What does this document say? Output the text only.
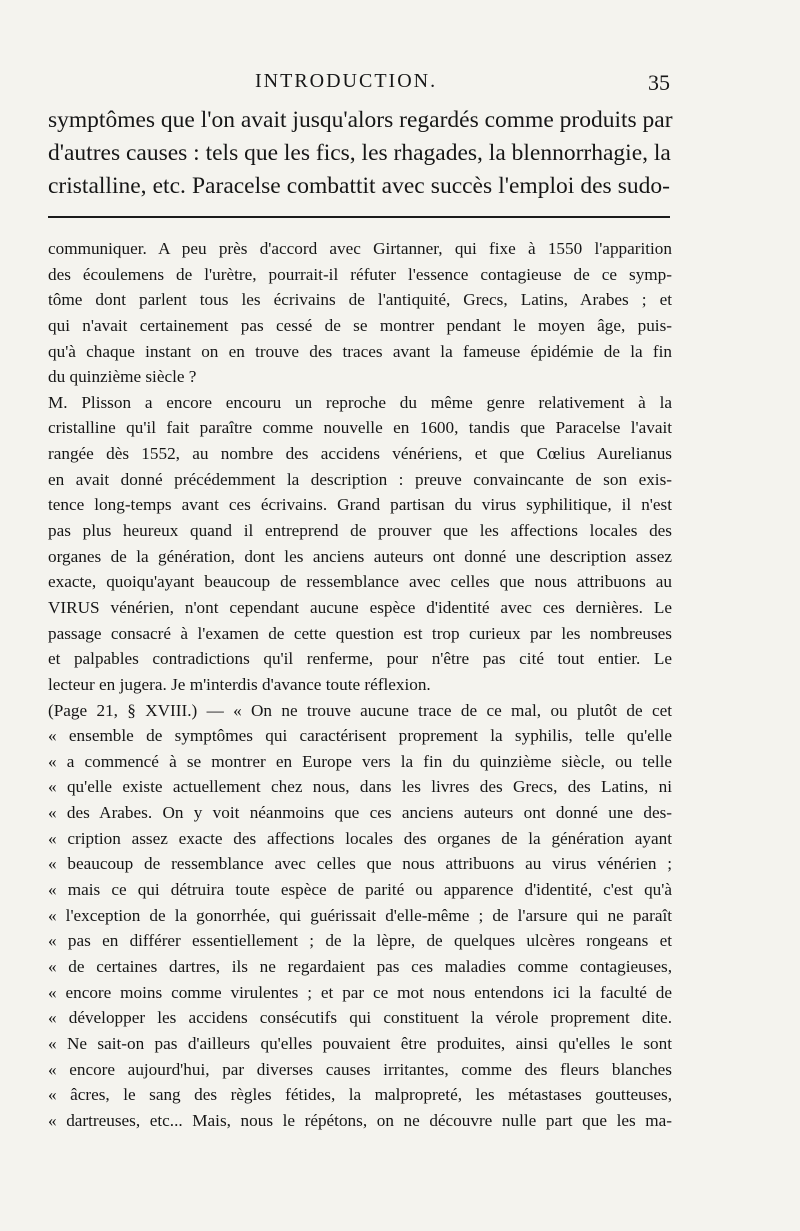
INTRODUCTION.	35
symptômes que l'on avait jusqu'alors regardés comme produits par
d'autres causes : tels que les fics, les rhagades, la blennorrhagie, la
cristalline, etc. Paracelse combattit avec succès l'emploi des sudo-
communiquer. A peu près d'accord avec Girtanner, qui fixe à 1550 l'apparition
des écoulemens de l'urètre, pourrait-il réfuter l'essence contagieuse de ce symp-
tôme dont parlent tous les écrivains de l'antiquité, Grecs, Latins, Arabes ; et
qui n'avait certainement pas cessé de se montrer pendant le moyen âge, puis-
qu'à chaque instant on en trouve des traces avant la fameuse épidémie de la fin
du quinzième siècle ?
M. Plisson a encore encouru un reproche du même genre relativement à la
cristalline qu'il fait paraître comme nouvelle en 1600, tandis que Paracelse l'avait
rangée dès 1552, au nombre des accidens vénériens, et que Cœlius Aurelianus
en avait donné précédemment la description : preuve convaincante de son exis-
tence long-temps avant ces écrivains. Grand partisan du virus syphilitique, il n'est
pas plus heureux quand il entreprend de prouver que les affections locales des
organes de la génération, dont les anciens auteurs ont donné une description assez
exacte, quoiqu'ayant beaucoup de ressemblance avec celles que nous attribuons au
VIRUS vénérien, n'ont cependant aucune espèce d'identité avec ces dernières. Le
passage consacré à l'examen de cette question est trop curieux par les nombreuses
et palpables contradictions qu'il renferme, pour n'être pas cité tout entier. Le
lecteur en jugera. Je m'interdis d'avance toute réflexion.
(Page 21, § XVIII.) — « On ne trouve aucune trace de ce mal, ou plutôt de cet
« ensemble de symptômes qui caractérisent proprement la syphilis, telle qu'elle
« a commencé à se montrer en Europe vers la fin du quinzième siècle, ou telle
« qu'elle existe actuellement chez nous, dans les livres des Grecs, des Latins, ni
« des Arabes. On y voit néanmoins que ces anciens auteurs ont donné une des-
« cription assez exacte des affections locales des organes de la génération ayant
« beaucoup de ressemblance avec celles que nous attribuons au virus vénérien ;
« mais ce qui détruira toute espèce de parité ou apparence d'identité, c'est qu'à
« l'exception de la gonorrhée, qui guérissait d'elle-même ; de l'arsure qui ne paraît
« pas en différer essentiellement ; de la lèpre, de quelques ulcères rongeans et
« de certaines dartres, ils ne regardaient pas ces maladies comme contagieuses,
« encore moins comme virulentes ; et par ce mot nous entendons ici la faculté de
« développer les accidens consécutifs qui constituent la vérole proprement dite.
« Ne sait-on pas d'ailleurs qu'elles pouvaient être produites, ainsi qu'elles le sont
« encore aujourd'hui, par diverses causes irritantes, comme des fleurs blanches
« âcres, le sang des règles fétides, la malpropreté, les métastases goutteuses,
« dartreuses, etc... Mais, nous le répétons, on ne découvre nulle part que les ma-
